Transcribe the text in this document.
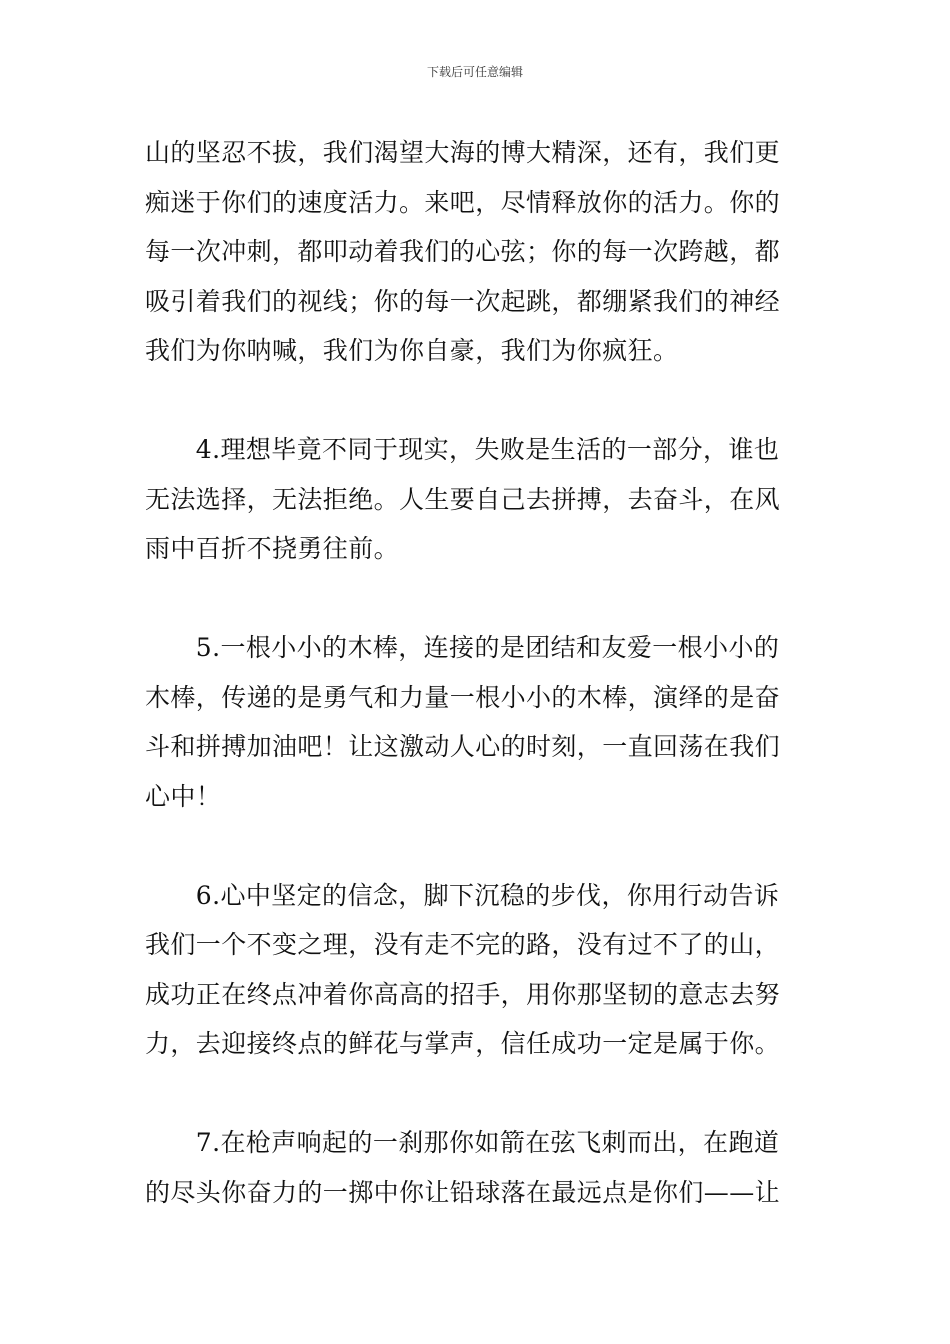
下载后可任意编辑

山的坚忍不拔，我们渴望大海的博大精深，还有，我们更
痴迷于你们的速度活力。来吧，尽情释放你的活力。你的
每一次冲刺，都叩动着我们的心弦；你的每一次跨越，都
吸引着我们的视线；你的每一次起跳，都绷紧我们的神经
我们为你呐喊，我们为你自豪，我们为你疯狂。

　　4.理想毕竟不同于现实，失败是生活的一部分，谁也
无法选择，无法拒绝。人生要自己去拼搏，去奋斗，在风
雨中百折不挠勇往前。

　　5.一根小小的木棒，连接的是团结和友爱一根小小的
木棒，传递的是勇气和力量一根小小的木棒，演绎的是奋
斗和拼搏加油吧！让这激动人心的时刻，一直回荡在我们
心中！

　　6.心中坚定的信念，脚下沉稳的步伐，你用行动告诉
我们一个不变之理，没有走不完的路，没有过不了的山，
成功正在终点冲着你高高的招手，用你那坚韧的意志去努
力，去迎接终点的鲜花与掌声，信任成功一定是属于你。

　　7.在枪声响起的一刹那你如箭在弦飞刺而出，在跑道
的尽头你奋力的一掷中你让铅球落在最远点是你们——让
